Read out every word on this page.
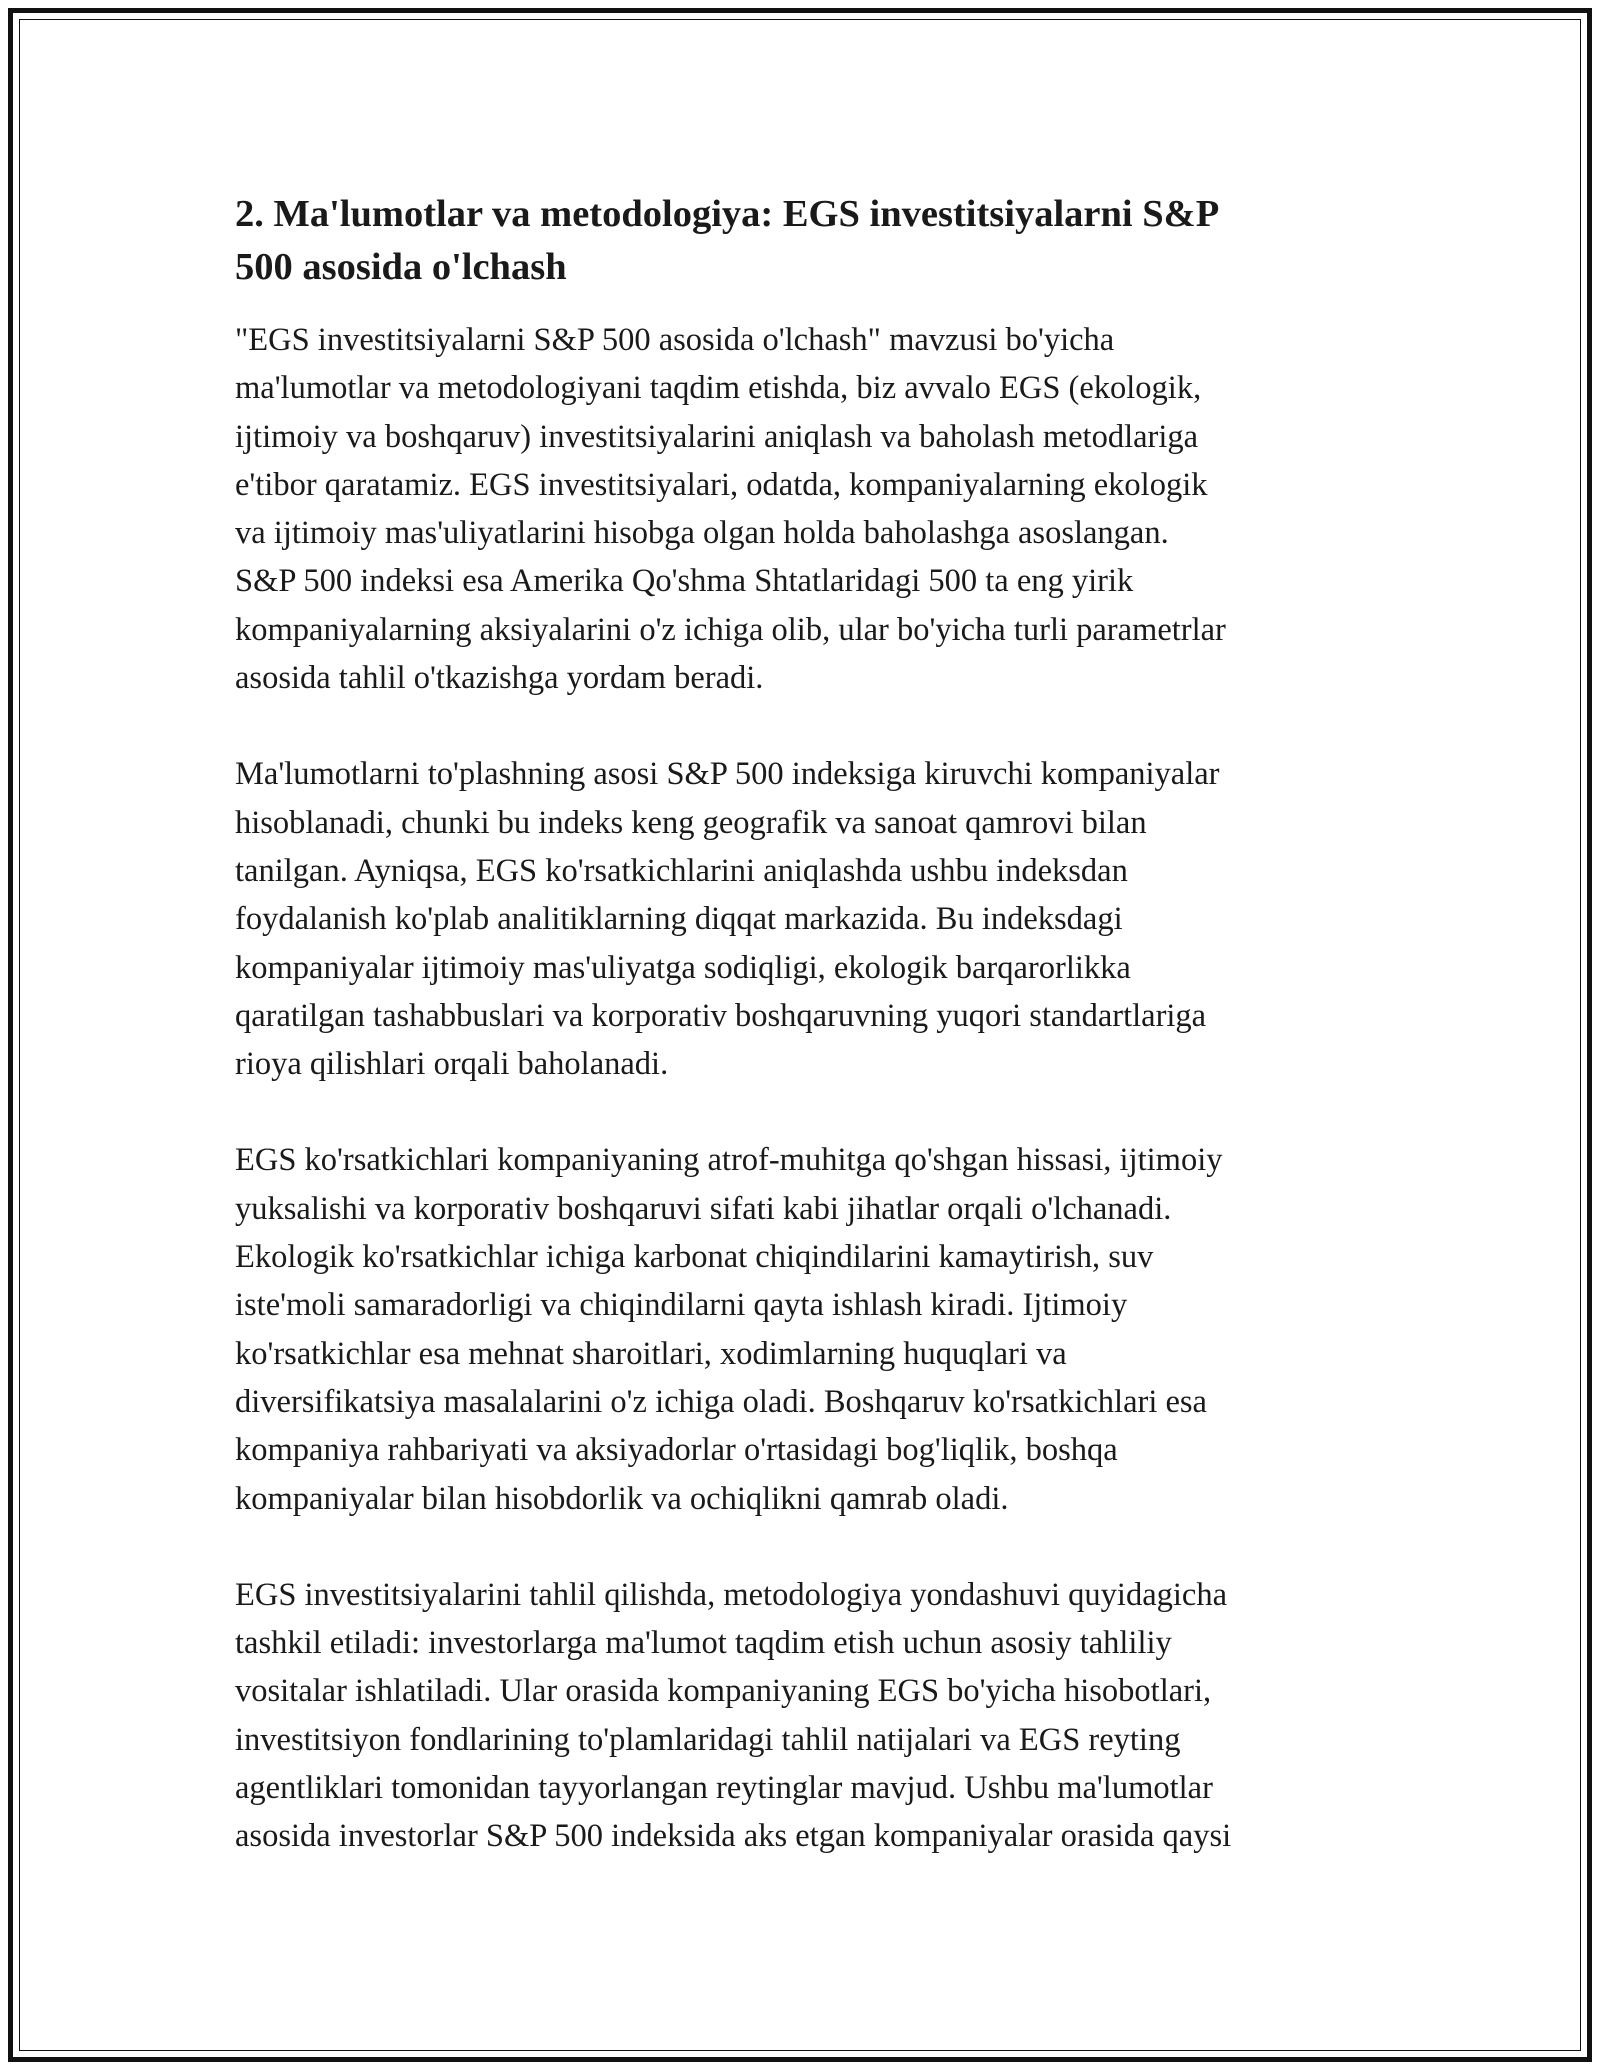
2. Ma'lumotlar va metodologiya: EGS investitsiyalarni S&P
500 asosida o'lchash

"EGS investitsiyalarni S&P 500 asosida o'lchash" mavzusi bo'yicha
ma'lumotlar va metodologiyani taqdim etishda, biz avvalo EGS (ekologik,
ijtimoiy va boshqaruv) investitsiyalarini aniqlash va baholash metodlariga
e'tibor qaratamiz. EGS investitsiyalari, odatda, kompaniyalarning ekologik
va ijtimoiy mas'uliyatlarini hisobga olgan holda baholashga asoslangan.
S&P 500 indeksi esa Amerika Qo'shma Shtatlaridagi 500 ta eng yirik
kompaniyalarning aksiyalarini o'z ichiga olib, ular bo'yicha turli parametrlar
asosida tahlil o'tkazishga yordam beradi.

Ma'lumotlarni to'plashning asosi S&P 500 indeksiga kiruvchi kompaniyalar
hisoblanadi, chunki bu indeks keng geografik va sanoat qamrovi bilan
tanilgan. Ayniqsa, EGS ko'rsatkichlarini aniqlashda ushbu indeksdan
foydalanish ko'plab analitiklarning diqqat markazida. Bu indeksdagi
kompaniyalar ijtimoiy mas'uliyatga sodiqligi, ekologik barqarorlikka
qaratilgan tashabbuslari va korporativ boshqaruvning yuqori standartlariga
rioya qilishlari orqali baholanadi.

EGS ko'rsatkichlari kompaniyaning atrof-muhitga qo'shgan hissasi, ijtimoiy
yuksalishi va korporativ boshqaruvi sifati kabi jihatlar orqali o'lchanadi.
Ekologik ko'rsatkichlar ichiga karbonat chiqindilarini kamaytirish, suv
iste'moli samaradorligi va chiqindilarni qayta ishlash kiradi. Ijtimoiy
ko'rsatkichlar esa mehnat sharoitlari, xodimlarning huquqlari va
diversifikatsiya masalalarini o'z ichiga oladi. Boshqaruv ko'rsatkichlari esa
kompaniya rahbariyati va aksiyadorlar o'rtasidagi bog'liqlik, boshqa
kompaniyalar bilan hisobdorlik va ochiqlikni qamrab oladi.

EGS investitsiyalarini tahlil qilishda, metodologiya yondashuvi quyidagicha
tashkil etiladi: investorlarga ma'lumot taqdim etish uchun asosiy tahliliy
vositalar ishlatiladi. Ular orasida kompaniyaning EGS bo'yicha hisobotlari,
investitsiyon fondlarining to'plamlaridagi tahlil natijalari va EGS reyting
agentliklari tomonidan tayyorlangan reytinglar mavjud. Ushbu ma'lumotlar
asosida investorlar S&P 500 indeksida aks etgan kompaniyalar orasida qaysi
